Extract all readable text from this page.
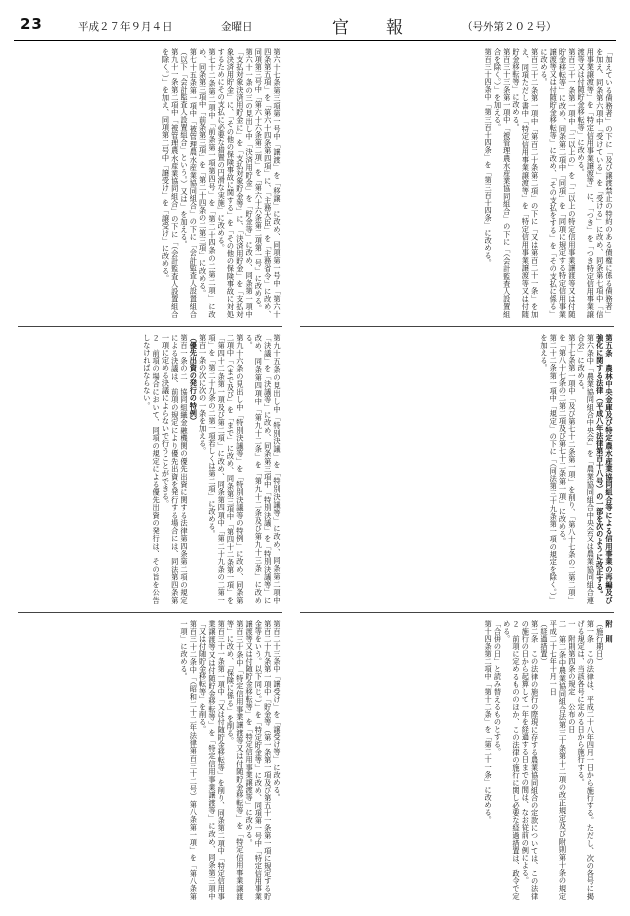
23	平成２７年９月４日	金曜日	官　報	（号外第２０２号）

第六十七条第三項第一号中「譲渡」を「移譲」に改め、同項第一号中「第六十四条第五項」を「第六十四条第四項」に、「主務大臣」を「主務省令」に改め、同項第三号中「第六十六条第二項」を「第六十六条第二項第一号」に改める。

第六十一条の三の見出し中「決済用貯金」を「貯金等」に改め、同条第一項中「支払対象決済用貯金に」を「支払対象貯金等」に、「決済用貯金」を「支払対象決済用貯金」に、「その他の保険事故に関する」を「その他の保険事故に対処するためにその支払に必要な措置の円滑な実施」に改める。

第七十二条第二項中「前条第一項第四号」を「第二十四条の二第二項」に改め、同条第三項中「前条第三項」を「第二十四条の二第三項」に改める。

第七十五条第一項中「被管理農水産業協同組合」の下に「会計監査人設置組合（以下「会計監査人設置組合」という。）又は」を加える。

第九十一条第二項中「被管理農水産業協同組合」の下に「（会計監査人設置組合を除く。）」を加え、同項第二号中「譲受け」を「譲受け」に改める。

第九十五条の見出し中「特別決議」を「特別決議等」に改め、同条第二項中「決議」を「決議等」に改め、同条第三項中「特別決議」を「特別決議等」に改め、同条第四項中「第九十二条」を「第九十二条及び第九十三条」に改める。

第九十六条の見出し中「特別決議等」を「特別決議等の特例」に改め、同条第二項中「（まで及び」を「まで」に改め、同条第三項中「第四十二条第一項」を「第四十二条第一項及び第二項」に改め、同条第四項中「第二十九条の二第一項」を「第二十九条の二第一項若しくは第二項」に改める。

第百一条の次に次の一条を加える。

（優先出資の発行の特例）

第百一条の二　協同組織金融機関の優先出資に関する法律第四条第二項の規定による決議は、前項の規定により優先出資を発行する場合には、同法第四条第一項に定める決議によらないで行うことができる。

２　前項の場合において、同項の規定による優先出資の発行は、その旨を公告しなければならない。

第百二十三条中「譲受け」を「譲受け等」に改める。

第百二十九条第一項中「貯金等（第一条第一項及び第五十一条第一項に規定する貯金等をいう。以下同じ。）」を「特定貯金等」に改め、同項第一号中「特定信用事業譲渡等又は付随貯金移転等」を「特定信用事業譲渡等」に改める。

第百三十条中「特定信用事業譲渡等又は付随貯金移転等」を「特定信用事業譲渡等」に改め、「保険に係る」を削る。

第百三十一条第一項中「又は付随貯金移転等」を削り、同条第二項中「特定信用事業譲渡等又は付随貯金移転等」を「特定信用事業譲渡等」に改め、同条第三項中「又は付随貯金移転等」を削る。

第百三十二条中「（昭和二十二年法律第百三十二号）第八条第一項」を「第八条第一項」に改める。

「加えている債務者」の下に「及び譲渡禁止の特約のある債権に係る債務者」を加え、同条第六項中「受けている」を「受ける」に改め、同条第七項中「信用事業譲渡等」を「特定信用事業譲渡等」に、「つき」を「つき特定信用事業譲渡等又は付随貯金移転等」に改める。

第百三十一条第一項中「二以上の」を「二以上の特定信用事業譲渡等又は付随貯金移転等」に改め、同条第二項中「同項」を「同項に規定する特定信用事業譲渡等又は付随貯金移転等」に改め、「その支払をする」を「その支払に係る」に改める。

第百三十二条第一項中「第百二十条第二項」の下に「又は第百二十一条」を加え、同項ただし書中「特定信用事業譲渡等」を「特定信用事業譲渡等又は付随貯金移転等」に改める。

第百三十三条第一項中「被管理農水産業協同組合」の下に「（会計監査人設置組合を除く。）」を加える。

第百三十四条中「第三百十四条」を「第三百十四条」に改める。

第五条　農林中央金庫及び特定農水産業協同組合等による信用事業の再編及び強化に関する法律（平成八年法律第百十八号）の一部を次のように改正する。

第六条中「農業協同組合中央会」を「農業協同組合中央会又は農業協同組合連合会」に改める。

第十七条第一項中「及び第七十二条第一項」を削り、「第八十七条の二第二項」を「第八十七条の二第二項及び第七十二条第一項」に改める。

第二十二条第一項中「規定」の下に「（同法第三十九条第一項の規定を除く。）」を加える。

附　則

（施行期日）

第一条　この法律は、平成二十八年四月一日から施行する。ただし、次の各号に掲げる規定は、当該各号に定める日から施行する。

一　附則第四条の規定　公布の日

二　第二条中農業協同組合法第三十条第十二項の改正規定及び附則第十条の規定　平成二十七年十月一日

（経過措置）

第二条　この法律の施行の際現に存する農業協同組合の定款については、この法律の施行の日から起算して一年を経過する日までの間は、なお従前の例による。

２　前項に定めるもののほか、この法律の施行に関し必要な経過措置は、政令で定める。

「合併の日」と読み替えるものとする。

第十四条第二項中「第十二条」を「第二十一条」に改める。
